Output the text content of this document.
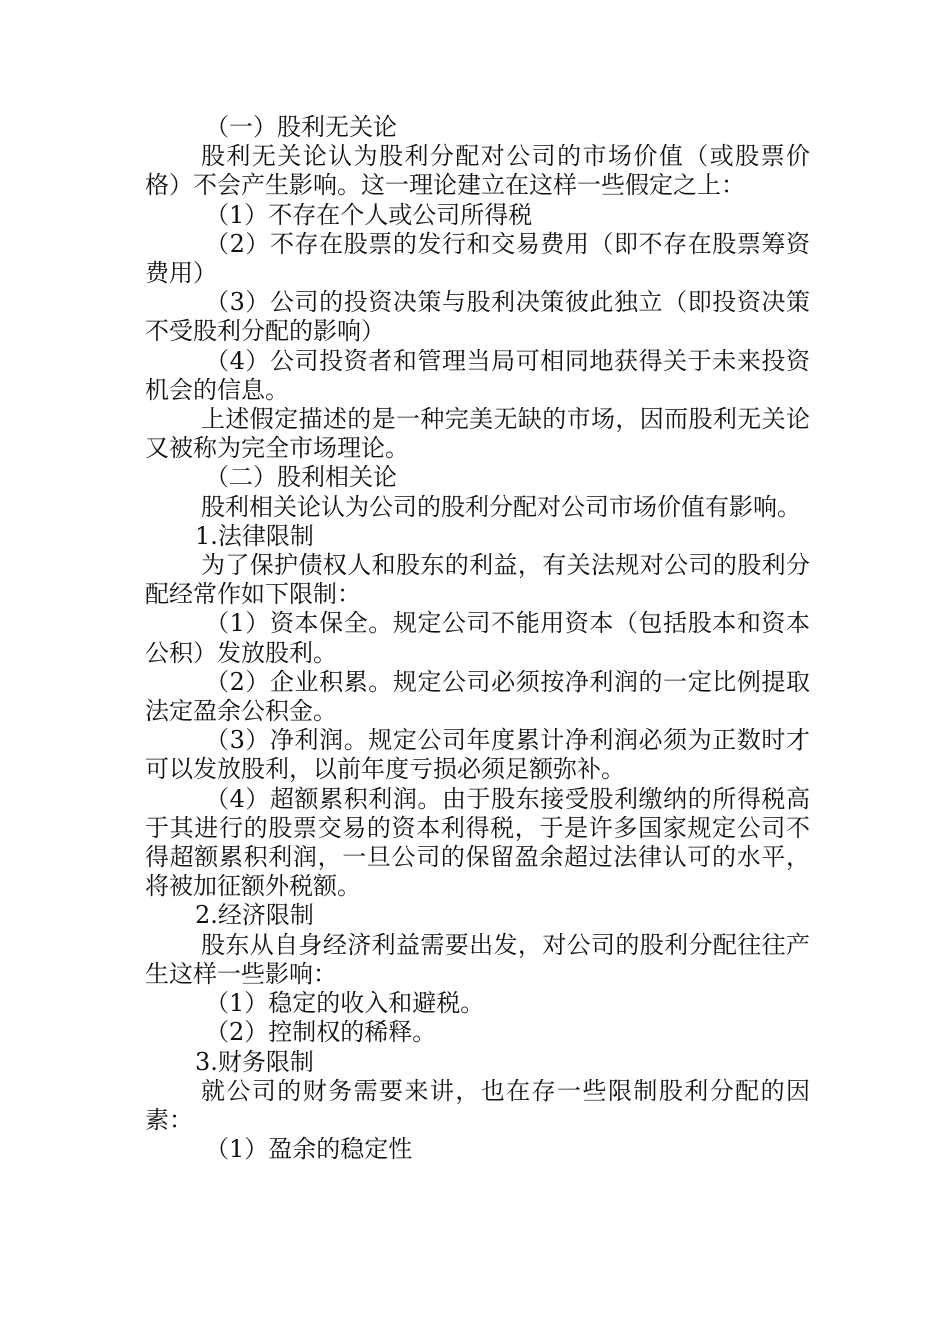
（一）股利无关论

股利无关论认为股利分配对公司的市场价值（或股票价格）不会产生影响。这一理论建立在这样一些假定之上：

（1）不存在个人或公司所得税

（2）不存在股票的发行和交易费用（即不存在股票筹资费用）

（3）公司的投资决策与股利决策彼此独立（即投资决策不受股利分配的影响）

（4）公司投资者和管理当局可相同地获得关于未来投资机会的信息。

上述假定描述的是一种完美无缺的市场，因而股利无关论又被称为完全市场理论。

（二）股利相关论

股利相关论认为公司的股利分配对公司市场价值有影响。

1.法律限制

为了保护债权人和股东的利益，有关法规对公司的股利分配经常作如下限制：

（1）资本保全。规定公司不能用资本（包括股本和资本公积）发放股利。

（2）企业积累。规定公司必须按净利润的一定比例提取法定盈余公积金。

（3）净利润。规定公司年度累计净利润必须为正数时才可以发放股利，以前年度亏损必须足额弥补。

（4）超额累积利润。由于股东接受股利缴纳的所得税高于其进行的股票交易的资本利得税，于是许多国家规定公司不得超额累积利润，一旦公司的保留盈余超过法律认可的水平，将被加征额外税额。

2.经济限制

股东从自身经济利益需要出发，对公司的股利分配往往产生这样一些影响：

（1）稳定的收入和避税。

（2）控制权的稀释。

3.财务限制

就公司的财务需要来讲，也在存一些限制股利分配的因素：

（1）盈余的稳定性
